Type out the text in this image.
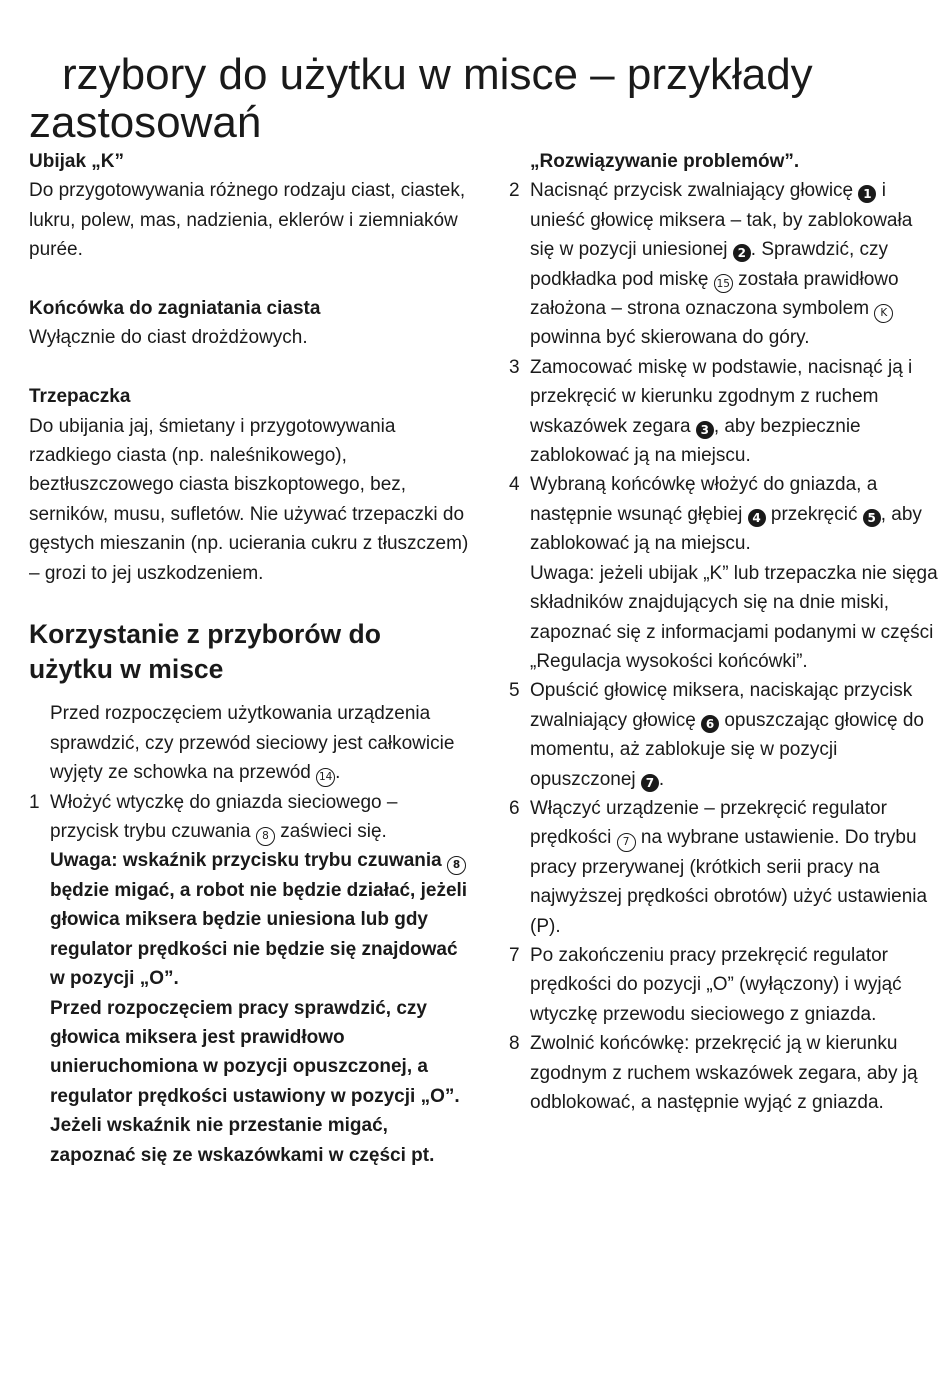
rzybory do użytku w misce – przykłady
zastosowań
Ubijak „K”
Do przygotowywania różnego rodzaju ciast, ciastek, lukru, polew, mas, nadzienia, eklerów i ziemniaków purée.
Końcówka do zagniatania ciasta
Wyłącznie do ciast drożdżowych.
Trzepaczka
Do ubijania jaj, śmietany i przygotowywania rzadkiego ciasta (np. naleśnikowego), beztłuszczowego ciasta biszkoptowego, bez, serników, musu, sufletów. Nie używać trzepaczki do gęstych mieszanin (np. ucierania cukru z tłuszczem) – grozi to jej uszkodzeniem.
Korzystanie z przyborów do użytku w misce
Przed rozpoczęciem użytkowania urządzenia sprawdzić, czy przewód sieciowy jest całkowicie wyjęty ze schowka na przewód 14 .
1 Włożyć wtyczkę do gniazda sieciowego – przycisk trybu czuwania 8 zaświeci się.
Uwaga: wskaźnik przycisku trybu czuwania 8 będzie migać, a robot nie będzie działać, jeżeli głowica miksera będzie uniesiona lub gdy regulator prędkości nie będzie się znajdować w pozycji „O”.
Przed rozpoczęciem pracy sprawdzić, czy głowica miksera jest prawidłowo unieruchomiona w pozycji opuszczonej, a regulator prędkości ustawiony w pozycji „O”. Jeżeli wskaźnik nie przestanie migać, zapoznać się ze wskazówkami w części pt.
„Rozwiązywanie problemów”.
2 Nacisnąć przycisk zwalniający głowicę 1 i unieść głowicę miksera – tak, by zablokowała się w pozycji uniesionej 2 . Sprawdzić, czy podkładka pod miskę 15 została prawidłowo założona – strona oznaczona symbolem K powinna być skierowana do góry.
3 Zamocować miskę w podstawie, nacisnąć ją i przekręcić w kierunku zgodnym z ruchem wskazówek zegara 3 , aby bezpiecznie zablokować ją na miejscu.
4 Wybraną końcówkę włożyć do gniazda, a następnie wsunąć głębiej 4 przekręcić 5 , aby zablokować ją na miejscu.
Uwaga: jeżeli ubijak „K” lub trzepaczka nie sięga składników znajdujących się na dnie miski, zapoznać się z informacjami podanymi w części „Regulacja wysokości końcówki”.
5 Opuścić głowicę miksera, naciskając przycisk zwalniający głowicę 6 opuszczając głowicę do momentu, aż zablokuje się w pozycji opuszczonej 7 .
6 Włączyć urządzenie – przekręcić regulator prędkości 7 na wybrane ustawienie. Do trybu pracy przerywanej (krótkich serii pracy na najwyższej prędkości obrotów) użyć ustawienia (P).
7 Po zakończeniu pracy przekręcić regulator prędkości do pozycji „O” (wyłączony) i wyjąć wtyczkę przewodu sieciowego z gniazda.
8 Zwolnić końcówkę: przekręcić ją w kierunku zgodnym z ruchem wskazówek zegara, aby ją odblokować, a następnie wyjąć z gniazda.
